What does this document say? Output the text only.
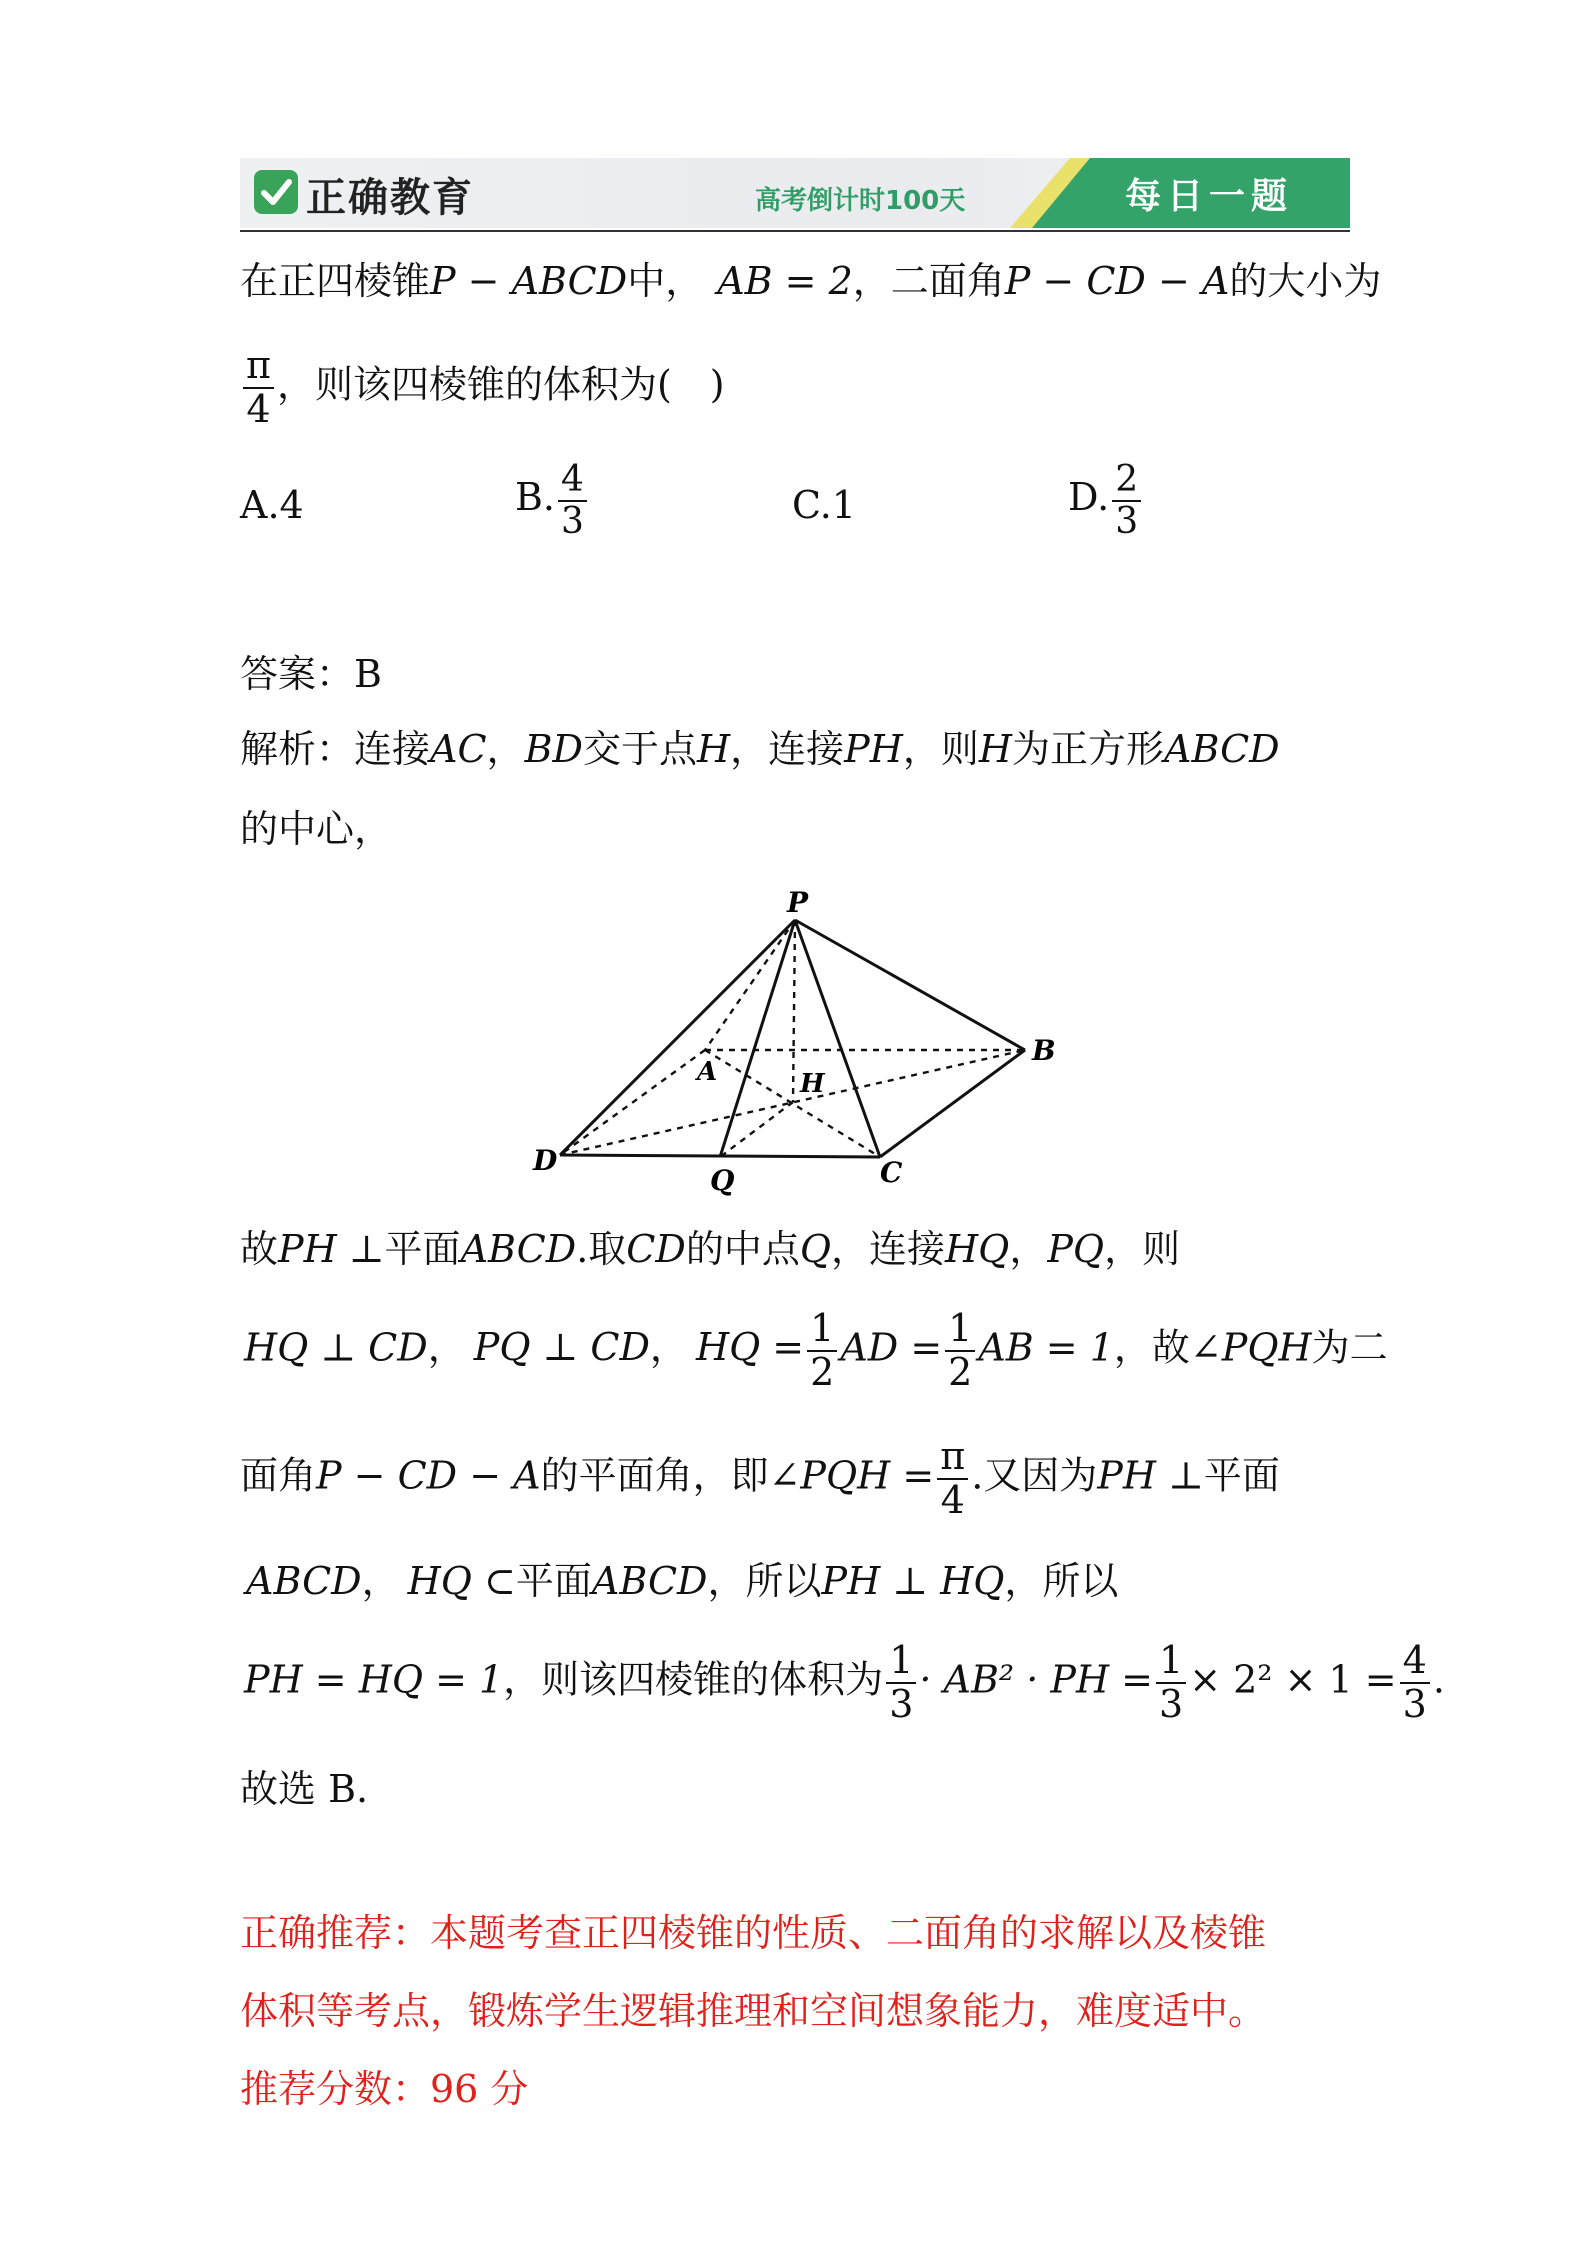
正确教育	高考倒计时100天	每日一题
在正四棱锥P − ABCD中， AB = 2，二面角P − CD − A的大小为
$\frac{\pi}{4}$ ，则该四棱锥的体积为(　)
A.4	B. $\frac{4}{3}$	C.1	D. $\frac{2}{3}$
答案：B
解析：连接AC，BD交于点H，连接PH，则H为正方形ABCD
的中心，
P
A	H
B
D
Q	C
故PH ⊥平面ABCD.取CD的中点Q，连接HQ，PQ，则
HQ ⊥ CD， PQ ⊥ CD， HQ = $\frac{1}{2}$ AD = $\frac{1}{2}$ AB = 1，故∠PQH为二
面角P − CD − A的平面角，即∠PQH = $\frac{\pi}{4}$ .又因为PH ⊥平面
ABCD， HQ ⊂平面ABCD，所以PH ⊥ HQ，所以
PH = HQ = 1，则该四棱锥的体积为 $\frac{1}{3} \cdot AB^2$ · PH = $\frac{1}{3} \times 2^2 \times 1 = \frac{4}{3}$ .
故选 B.
正确推荐：本题考查正四棱锥的性质、二面角的求解以及棱锥
体积等考点，锻炼学生逻辑推理和空间想象能力，难度适中。
推荐分数：96 分
